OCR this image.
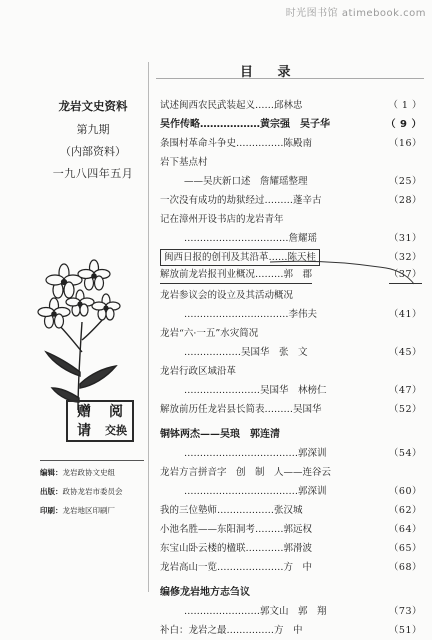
时光图书馆 atimebook.com
目 录
龙岩文史资料
第九期
（内部资料）
一九八四年五月
赠 阅
请 交换
编辑：龙岩政协文史组
出版：政协龙岩市委员会
印刷：龙岩地区印刷厂
试述闽西农民武装起义……邱林忠	（ 1 ）
吴作传略………………黄宗强　吴子华	（ 9 ）
条围村革命斗争史……………陈殿南	（16）
岩下基点村
——吴庆新口述　詹耀瑶整理	（25）
一次没有成功的劫狱经过………蓬辛古	（28）
记在漳州开设书店的龙岩青年
……………………………詹耀瑶	（31）
闽西日报的创刊及其沿革……陈天桂	（32）
解放前龙岩报刊业概况………郭　郡	（37）
龙岩参议会的设立及其活动概况
……………………………李伟夫	（41）
龙岩“六·一五”水灾简况
………………吴国华　张　文	（45）
龙岩行政区域沿革
……………………吴国华　林榜仁	（47）
解放前历任龙岩县长简表………吴国华	（52）
铜钵两杰——吴琅　郭连清
………………………………郭深训	（54）
龙岩方言拼音字　创　制　人——连谷云
………………………………郭深训	（60）
我的三位塾师………………张汉城	（62）
小池名胜——东阳洞考………郭远权	（64）
东宝山卧云楼的楹联…………郭滑波	（65）
龙岩高山一览…………………方　中	（68）
编修龙岩地方志刍议
……………………郭文山　郭　翔	（73）
补白：龙岩之最……………方　中	（51）
